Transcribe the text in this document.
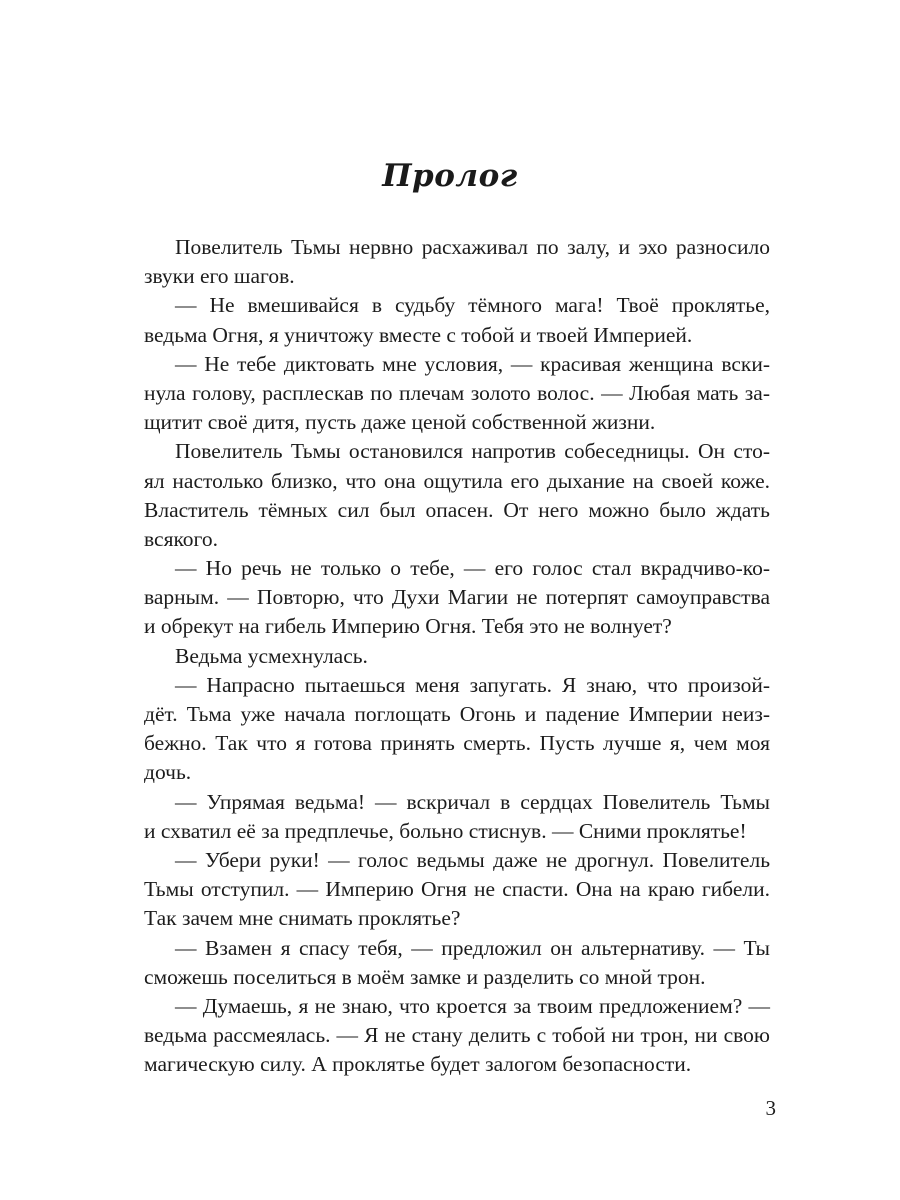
Пролог
Повелитель Тьмы нервно расхаживал по залу, и эхо разносило
звуки его шагов.
— Не вмешивайся в судьбу тёмного мага! Твоё проклятье,
ведьма Огня, я уничтожу вместе с тобой и твоей Империей.
— Не тебе диктовать мне условия, — красивая женщина вски-
нула голову, расплескав по плечам золото волос. — Любая мать за-
щитит своё дитя, пусть даже ценой собственной жизни.
Повелитель Тьмы остановился напротив собеседницы. Он сто-
ял настолько близко, что она ощутила его дыхание на своей коже.
Властитель тёмных сил был опасен. От него можно было ждать
всякого.
— Но речь не только о тебе, — его голос стал вкрадчиво-ко-
варным. — Повторю, что Духи Магии не потерпят самоуправства
и обрекут на гибель Империю Огня. Тебя это не волнует?
Ведьма усмехнулась.
— Напрасно пытаешься меня запугать. Я знаю, что произой-
дёт. Тьма уже начала поглощать Огонь и падение Империи неиз-
бежно. Так что я готова принять смерть. Пусть лучше я, чем моя
дочь.
— Упрямая ведьма! — вскричал в сердцах Повелитель Тьмы
и схватил её за предплечье, больно стиснув. — Сними проклятье!
— Убери руки! — голос ведьмы даже не дрогнул. Повелитель
Тьмы отступил. — Империю Огня не спасти. Она на краю гибели.
Так зачем мне снимать проклятье?
— Взамен я спасу тебя, — предложил он альтернативу. — Ты
сможешь поселиться в моём замке и разделить со мной трон.
— Думаешь, я не знаю, что кроется за твоим предложением? —
ведьма рассмеялась. — Я не стану делить с тобой ни трон, ни свою
магическую силу. А проклятье будет залогом безопасности.
3
